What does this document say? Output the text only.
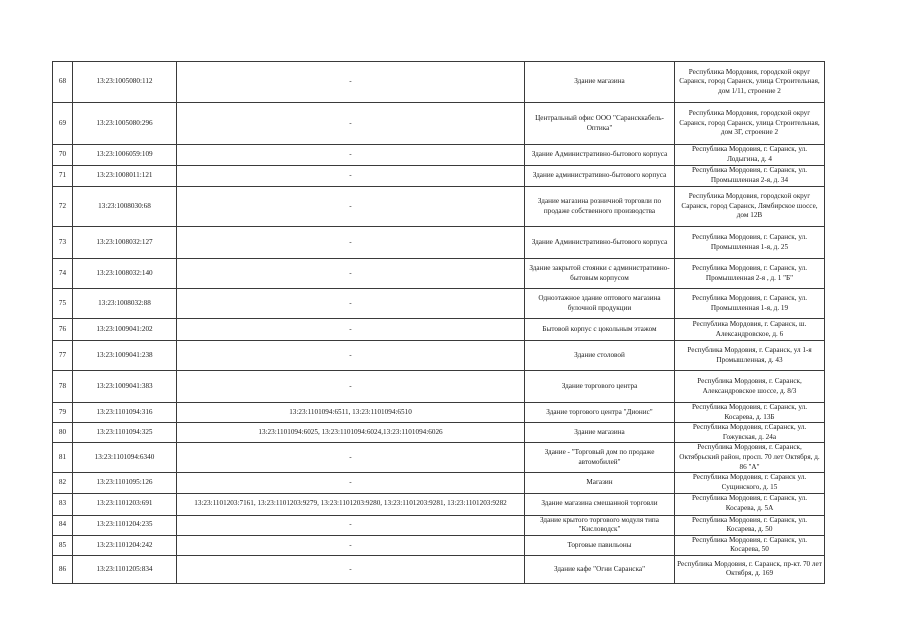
68	13:23:1005080:112	-	Здание магазина	Республика Мордовия, городской округ Саранск, город Саранск, улица Строительная, дом 1/11, строение 2
69	13:23:1005080:296	-	Центральный офис ООО "Сарансккабель-Оптика"	Республика Мордовия, городской округ Саранск, город Саранск, улица Строительная, дом 3Г, строение 2
70	13:23:1006059:109	-	Здание Административно-бытового корпуса	Республика Мордовия, г. Саранск, ул. Лодыгина, д. 4
71	13:23:1008011:121	-	Здание административно-бытового корпуса	Республика Мордовия, г. Саранск, ул. Промышленная 2-я, д. 34
72	13:23:1008030:68	-	Здание магазина розничной торговли по продаже собственного производства	Республика Мордовия, городской округ Саранск, город Саранск, Лямбирское шоссе, дом 12В
73	13:23:1008032:127	-	Здание Административно-бытового корпуса	Республика Мордовия, г. Саранск, ул. Промышленная 1-я, д. 25
74	13:23:1008032:140	-	Здание закрытой стоянки с административно-бытовым корпусом	Республика Мордовия, г. Саранск, ул. Промышленная 2-я , д. 1 "Б"
75	13:23:1008032:88	-	Одноэтажное здание оптового магазина булочной продукции	Республика Мордовия, г. Саранск, ул. Промышленная 1-я, д. 19
76	13:23:1009041:202	-	Бытовой корпус с цокольным этажом	Республика Мордовия, г. Саранск, ш. Александровское, д. 6
77	13:23:1009041:238	-	Здание столовой	Республика Мордовия, г. Саранск, ул 1-я Промышленная, д. 43
78	13:23:1009041:383	-	Здание торгового центра	Республика Мордовия, г. Саранск, Александровское шоссе, д. 8/3
79	13:23:1101094:316	13:23:1101094:6511, 13:23:1101094:6510	Здание торгового центра "Дионис"	Республика Мордовия, г. Саранск, ул. Косарева, д. 13Б
80	13:23:1101094:325	13:23:1101094:6025, 13:23:1101094:6024,13:23:1101094:6026	Здание магазина	Республика Мордовия, г.Саранск, ул. Гожувская, д. 24а
81	13:23:1101094:6340	-	Здание - "Торговый дом по продаже автомобилей"	Республика Мордовия, г. Саранск, Октябрьский район, просп. 70 лет Октября, д. 86 "А"
82	13:23:1101095:126	-	Магазин	Республика Мордовия, г. Саранск ул. Сущинского, д. 15
83	13:23:1101203:691	13:23:1101203:7161, 13:23:1101203:9279, 13:23:1101203:9280, 13:23:1101203:9281, 13:23:1101203:9282	Здание магазина смешанной торговли	Республика Мордовия, г. Саранск, ул. Косарева, д. 5А
84	13:23:1101204:235	-	Здание крытого торгового модуля типа "Кисловодск"	Республика Мордовия, г. Саранск, ул. Косарева, д. 50
85	13:23:1101204:242	-	Торговые павильоны	Республика Мордовия, г. Саранск, ул. Косарева, 50
86	13:23:1101205:834	-	Здание кафе "Огни Саранска"	Республика Мордовия, г. Саранск, пр-кт. 70 лет Октября, д. 169
